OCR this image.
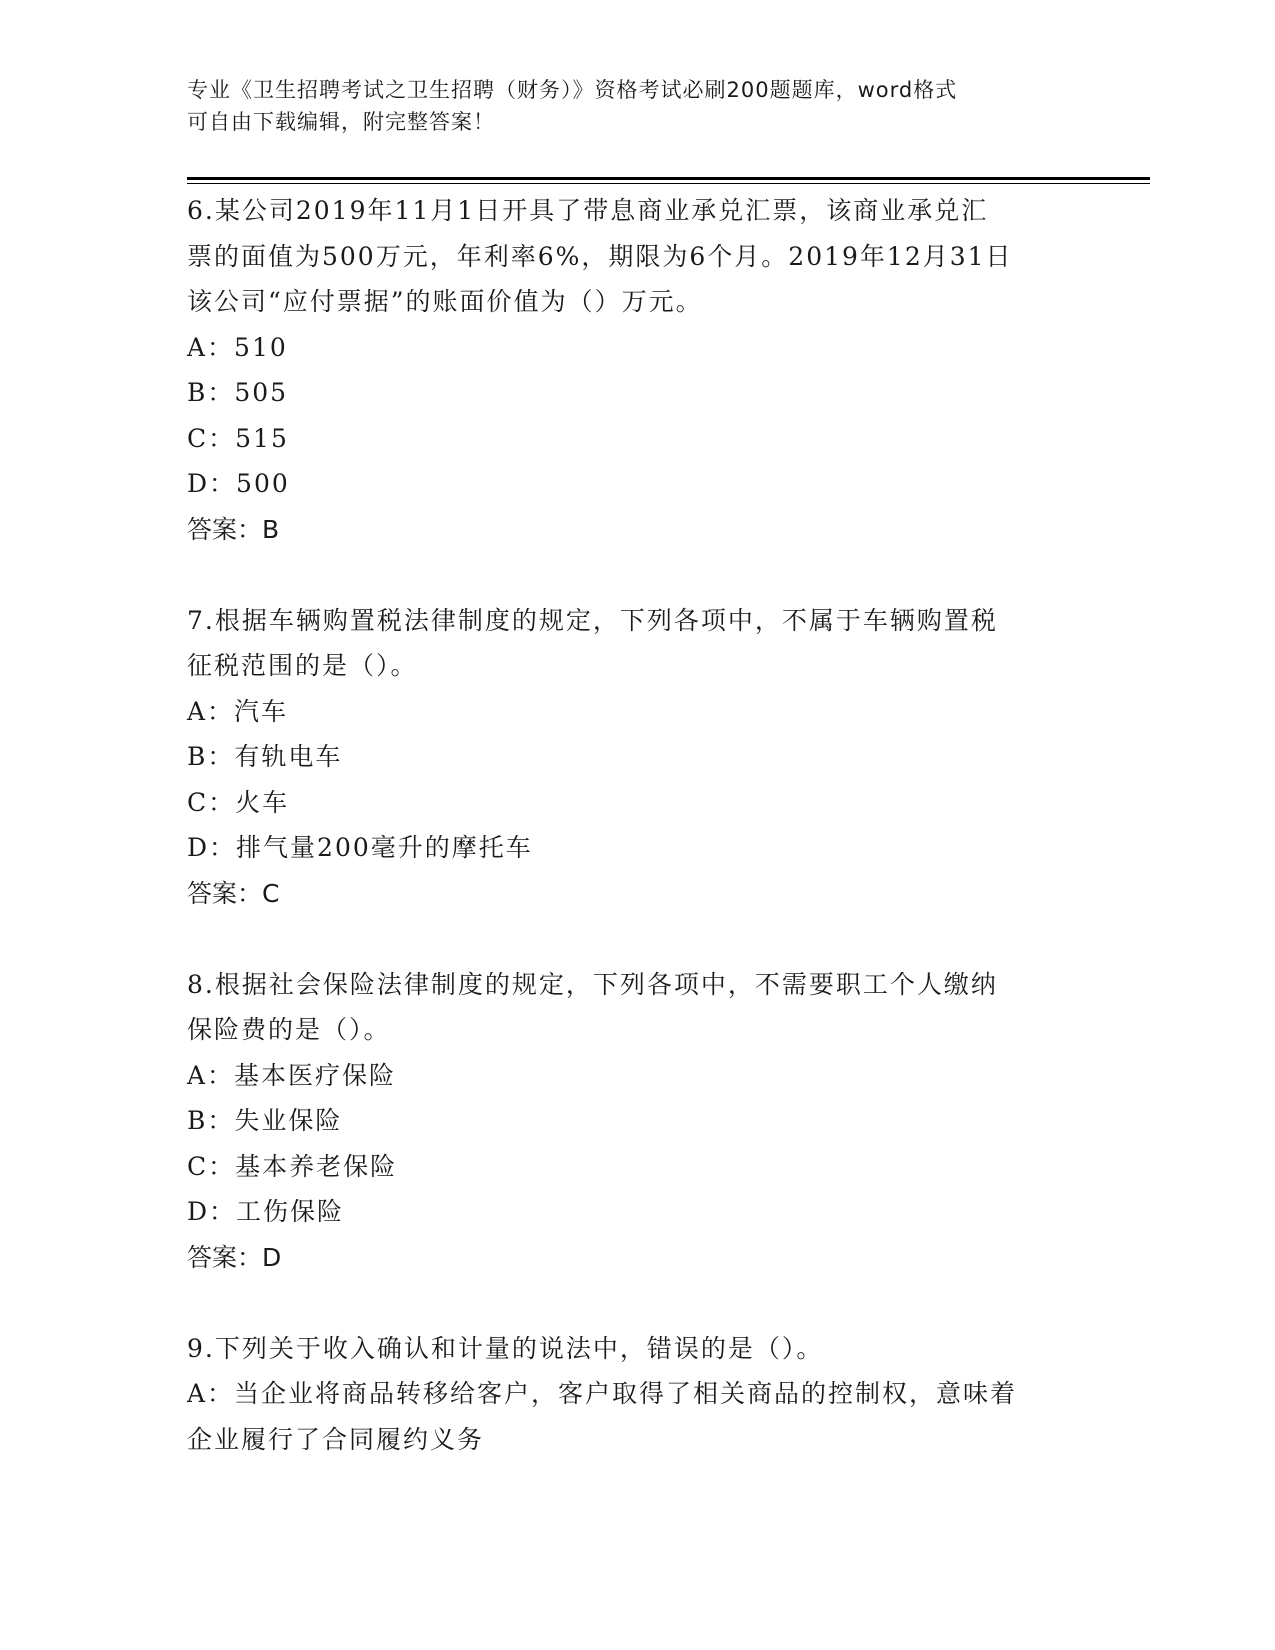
专业《卫生招聘考试之卫生招聘（财务）》资格考试必刷200题题库，word格式
可自由下载编辑，附完整答案！
6.某公司2019年11月1日开具了带息商业承兑汇票，该商业承兑汇
票的面值为500万元，年利率6%，期限为6个月。2019年12月31日
该公司“应付票据”的账面价值为（）万元。
A：510
B：505
C：515
D：500
答案：B
7.根据车辆购置税法律制度的规定，下列各项中，不属于车辆购置税
征税范围的是（）。
A：汽车
B：有轨电车
C：火车
D：排气量200毫升的摩托车
答案：C
8.根据社会保险法律制度的规定，下列各项中，不需要职工个人缴纳
保险费的是（）。
A：基本医疗保险
B：失业保险
C：基本养老保险
D：工伤保险
答案：D
9.下列关于收入确认和计量的说法中，错误的是（）。
A：当企业将商品转移给客户，客户取得了相关商品的控制权，意味着
企业履行了合同履约义务
